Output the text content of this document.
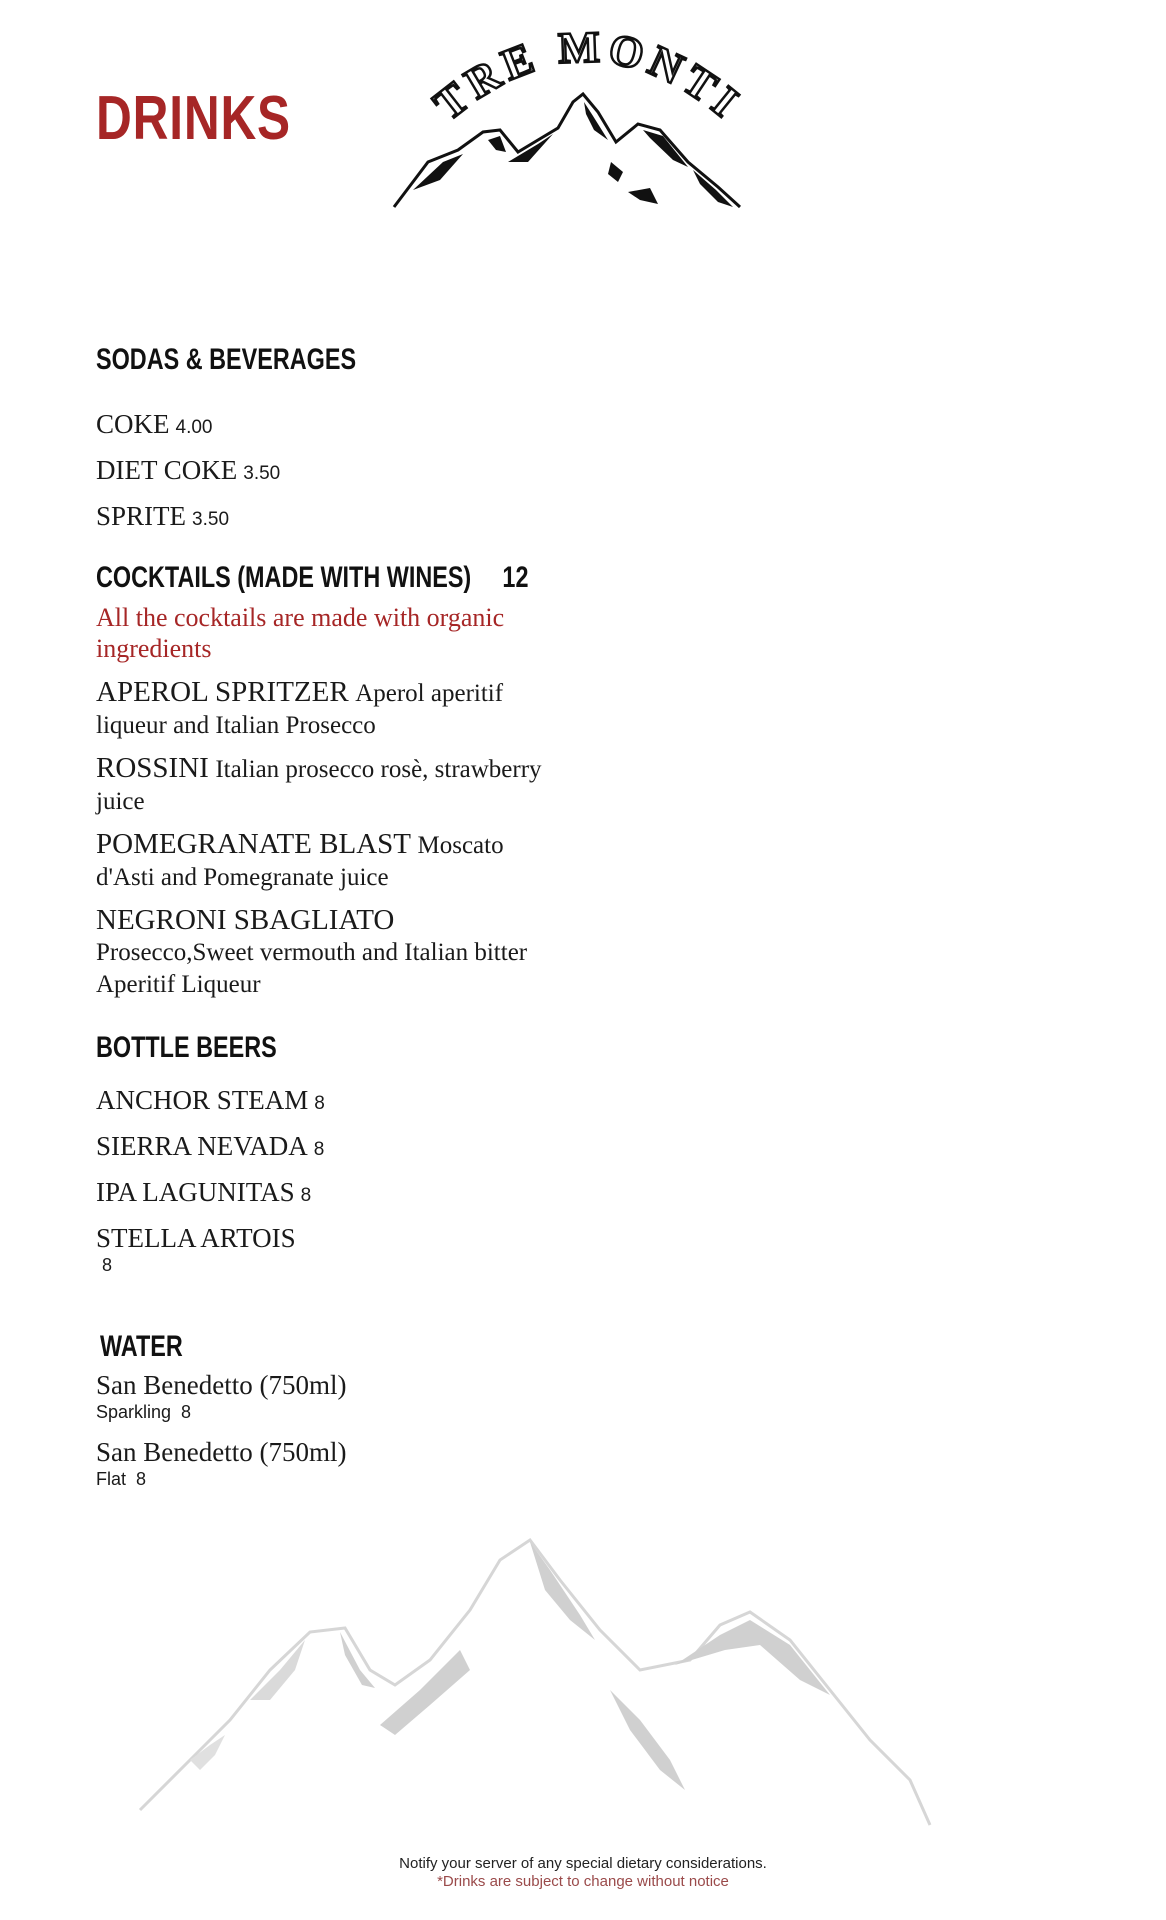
DRINKS	TRE MONTI
SODAS & BEVERAGES
COKE 4.00
DIET COKE 3.50
SPRITE 3.50
COCKTAILS (MADE WITH WINES) 12
All the cocktails are made with organic ingredients
APEROL SPRITZER Aperol aperitif liqueur and Italian Prosecco
ROSSINI Italian prosecco rosè, strawberry juice
POMEGRANATE BLAST Moscato d'Asti and Pomegranate juice
NEGRONI SBAGLIATO
Prosecco,Sweet vermouth and Italian bitter Aperitif Liqueur
BOTTLE BEERS
ANCHOR STEAM 8
SIERRA NEVADA 8
IPA LAGUNITAS 8
STELLA ARTOIS
8
WATER
San Benedetto (750ml)
Sparkling 8
San Benedetto (750ml)
Flat 8
Notify your server of any special dietary considerations.
*Drinks are subject to change without notice
